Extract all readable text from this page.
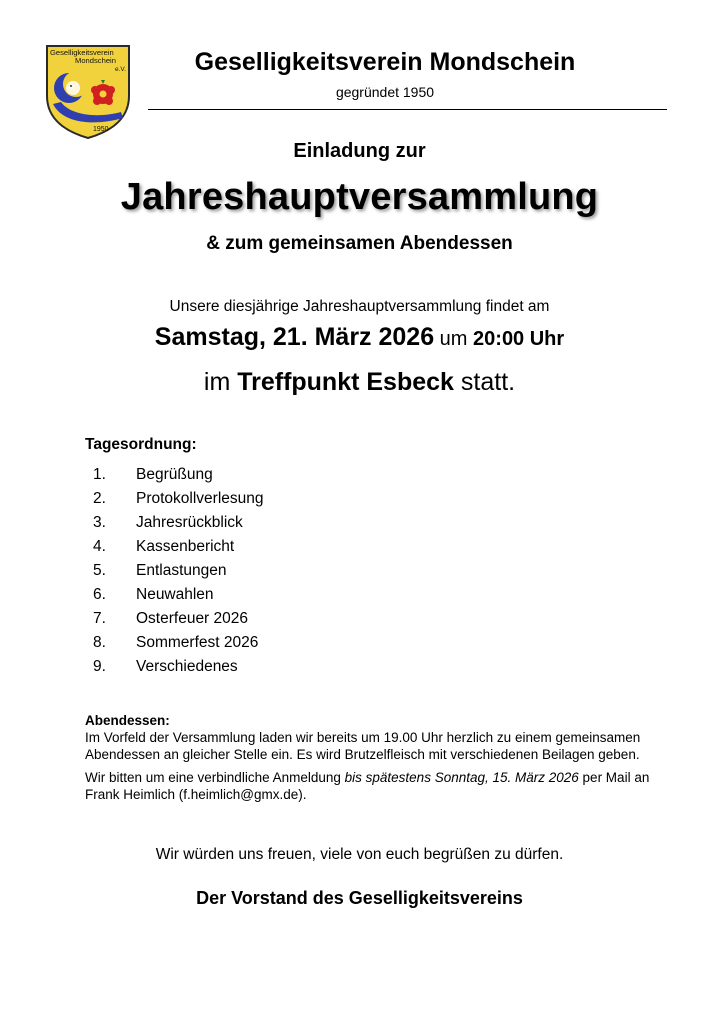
Geselligkeitsverein
Mondschein
e.V.
1950
Geselligkeitsverein Mondschein
gegründet 1950
Einladung zur
Jahreshauptversammlung
& zum gemeinsamen Abendessen
Unsere diesjährige Jahreshauptversammlung findet am
Samstag, 21. März 2026 um 20:00 Uhr
im Treffpunkt Esbeck statt.
Tagesordnung:
1. Begrüßung
2. Protokollverlesung
3. Jahresrückblick
4. Kassenbericht
5. Entlastungen
6. Neuwahlen
7. Osterfeuer 2026
8. Sommerfest 2026
9. Verschiedenes

Abendessen:

Im Vorfeld der Versammlung laden wir bereits um 19.00 Uhr herzlich zu einem gemeinsamen Abendessen an gleicher Stelle ein. Es wird Brutzelfleisch mit verschiedenen Beilagen geben.

Wir bitten um eine verbindliche Anmeldung bis spätestens Sonntag, 15. März 2026 per Mail an Frank Heimlich (f.heimlich@gmx.de).

Wir würden uns freuen, viele von euch begrüßen zu dürfen.
Der Vorstand des Geselligkeitsvereins
